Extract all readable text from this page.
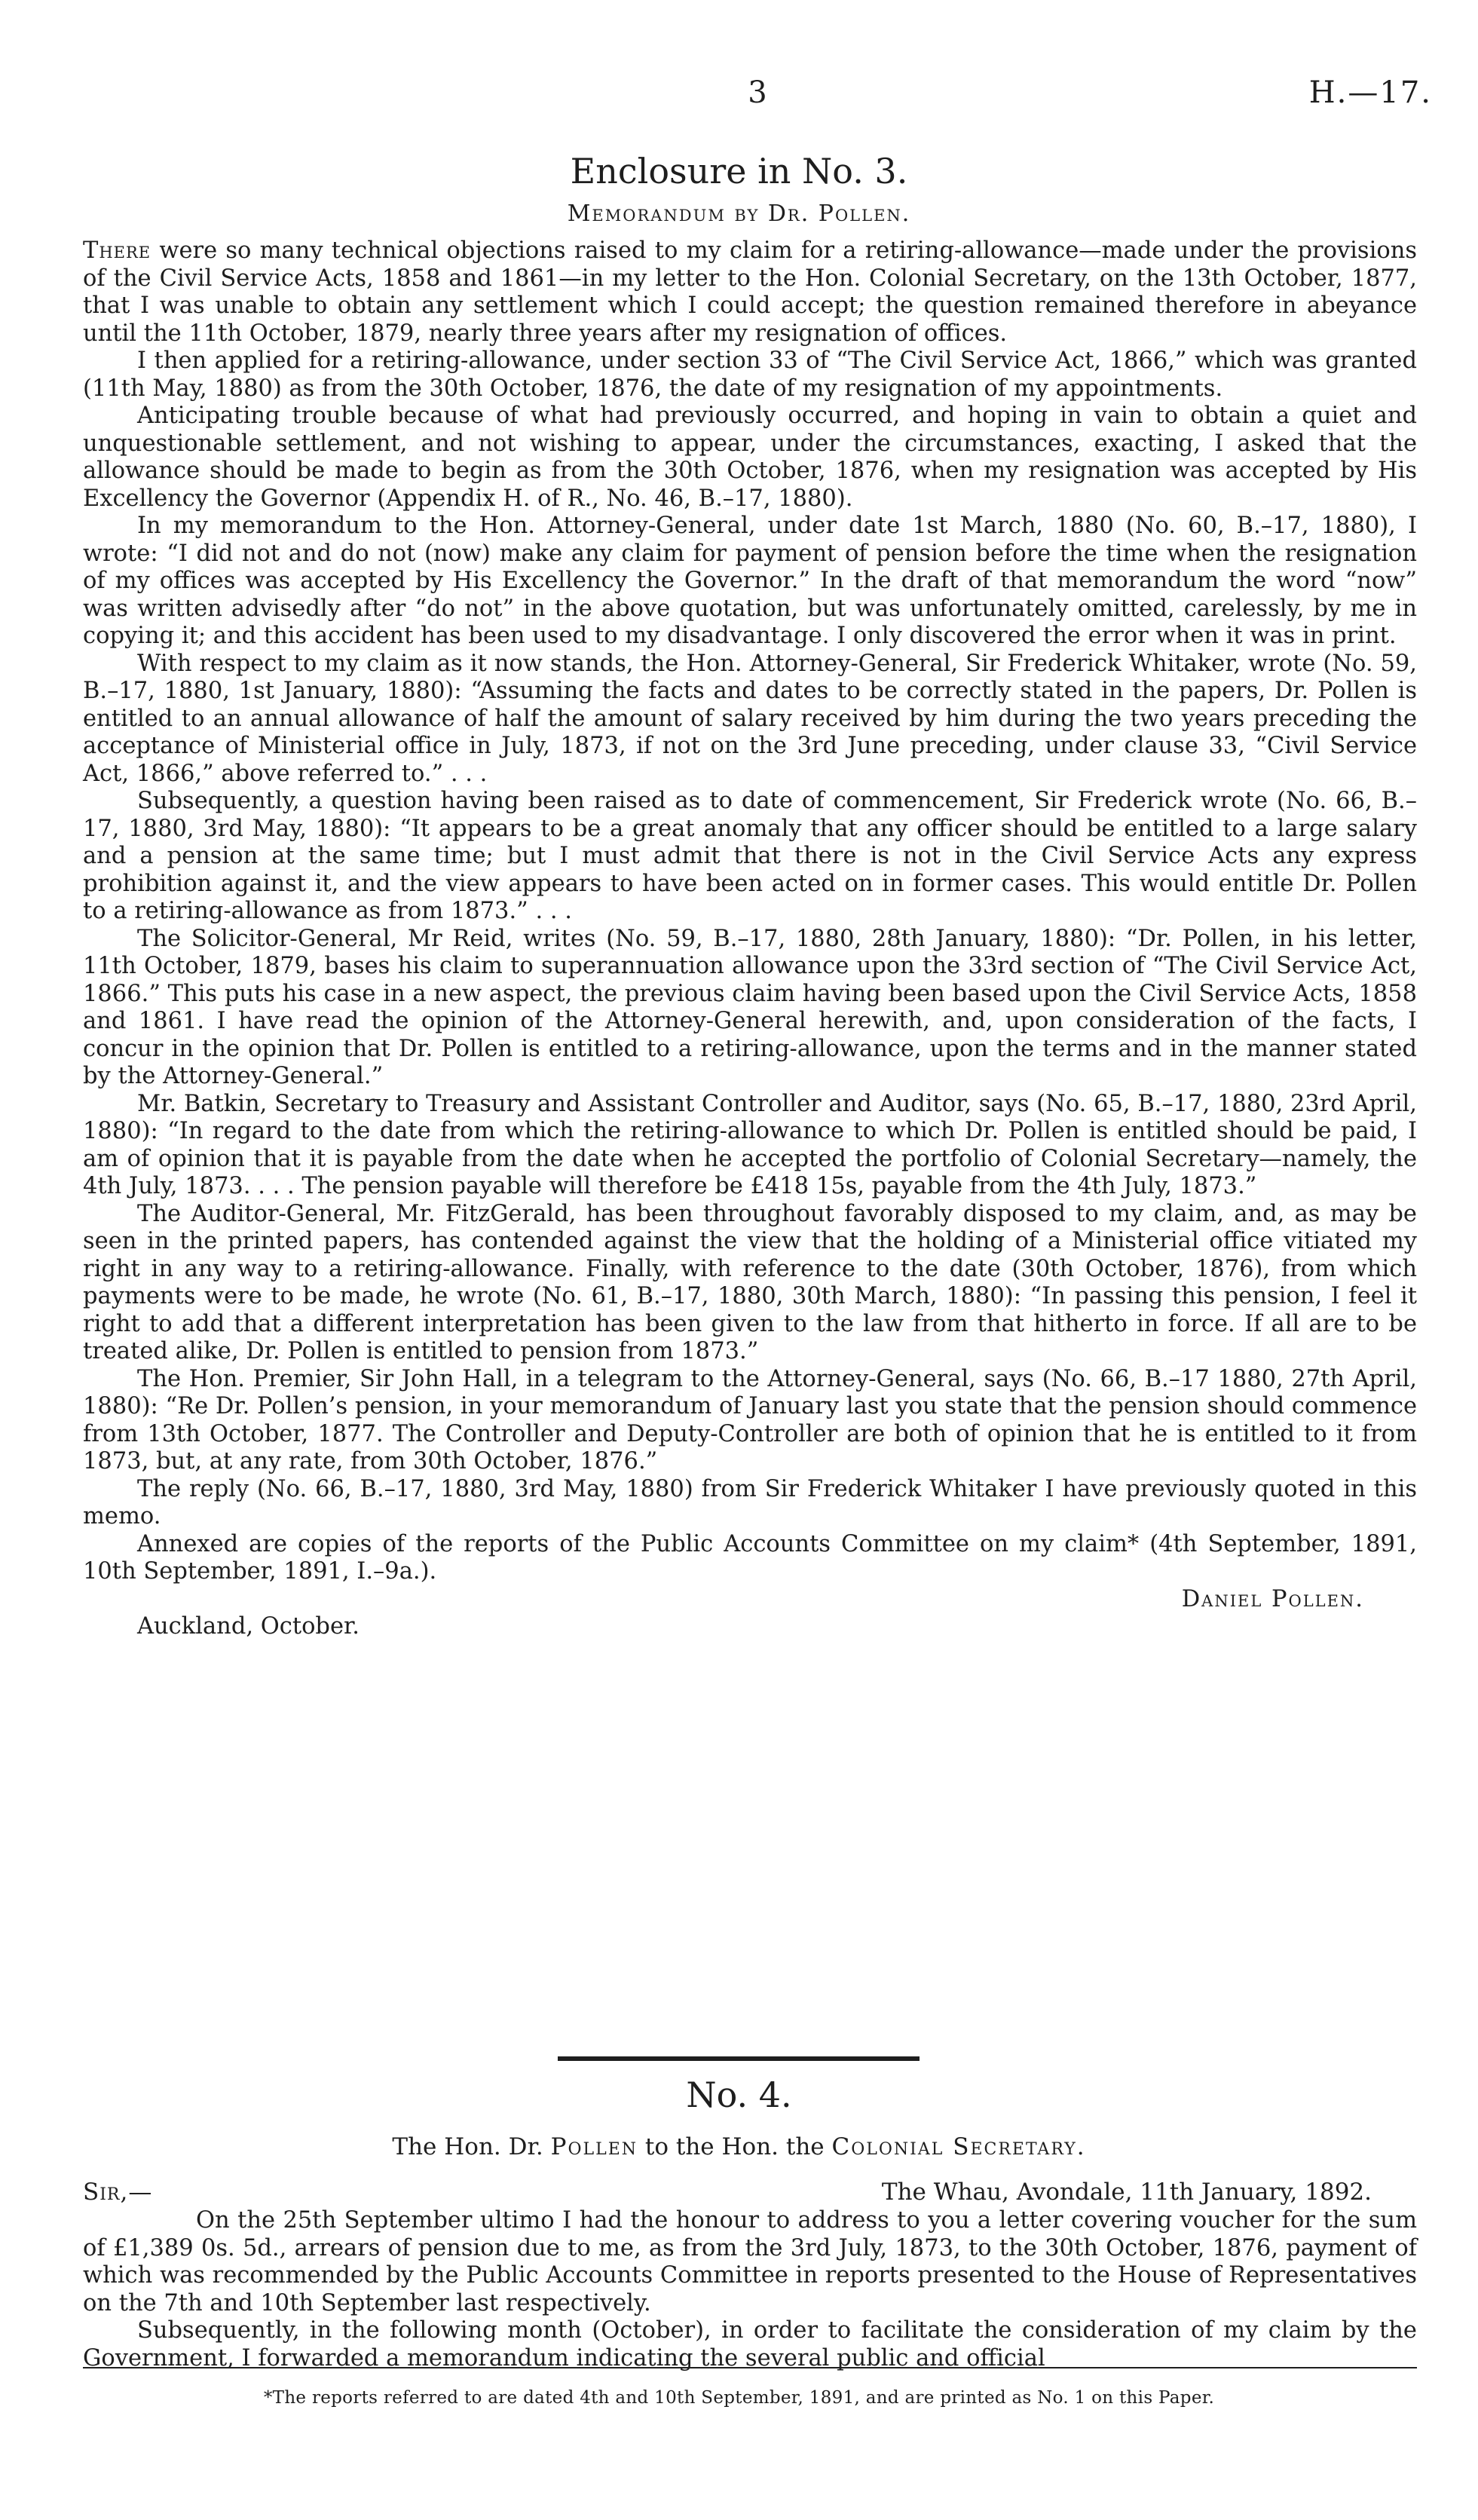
3	H.—17.
Enclosure in No. 3.
Memorandum by Dr. Pollen.

There were so many technical objections raised to my claim for a retiring-allowance—made under the provisions of the Civil Service Acts, 1858 and 1861—in my letter to the Hon. Colonial Secretary, on the 13th October, 1877, that I was unable to obtain any settlement which I could accept; the question remained therefore in abeyance until the 11th October, 1879, nearly three years after my resignation of offices.

I then applied for a retiring-allowance, under section 33 of “The Civil Service Act, 1866,” which was granted (11th May, 1880) as from the 30th October, 1876, the date of my resignation of my appointments.

Anticipating trouble because of what had previously occurred, and hoping in vain to obtain a quiet and unquestionable settlement, and not wishing to appear, under the circumstances, exacting, I asked that the allowance should be made to begin as from the 30th October, 1876, when my resignation was accepted by His Excellency the Governor (Appendix H. of R., No. 46, B.–17, 1880).

In my memorandum to the Hon. Attorney-General, under date 1st March, 1880 (No. 60, B.–17, 1880), I wrote: “I did not and do not (now) make any claim for payment of pension before the time when the resignation of my offices was accepted by His Excellency the Governor.” In the draft of that memorandum the word “now” was written advisedly after “do not” in the above quotation, but was unfortunately omitted, carelessly, by me in copying it; and this accident has been used to my disadvantage. I only discovered the error when it was in print.

With respect to my claim as it now stands, the Hon. Attorney-General, Sir Frederick Whitaker, wrote (No. 59, B.–17, 1880, 1st January, 1880): “Assuming the facts and dates to be correctly stated in the papers, Dr. Pollen is entitled to an annual allowance of half the amount of salary received by him during the two years preceding the acceptance of Ministerial office in July, 1873, if not on the 3rd June preceding, under clause 33, “Civil Service Act, 1866,” above referred to.” . . .

Subsequently, a question having been raised as to date of commencement, Sir Frederick wrote (No. 66, B.–17, 1880, 3rd May, 1880): “It appears to be a great anomaly that any officer should be entitled to a large salary and a pension at the same time; but I must admit that there is not in the Civil Service Acts any express prohibition against it, and the view appears to have been acted on in former cases. This would entitle Dr. Pollen to a retiring-allowance as from 1873.” . . .

The Solicitor-General, Mr Reid, writes (No. 59, B.–17, 1880, 28th January, 1880): “Dr. Pollen, in his letter, 11th October, 1879, bases his claim to superannuation allowance upon the 33rd section of “The Civil Service Act, 1866.” This puts his case in a new aspect, the previous claim having been based upon the Civil Service Acts, 1858 and 1861. I have read the opinion of the Attorney-General herewith, and, upon consideration of the facts, I concur in the opinion that Dr. Pollen is entitled to a retiring-allowance, upon the terms and in the manner stated by the Attorney-General.”

Mr. Batkin, Secretary to Treasury and Assistant Controller and Auditor, says (No. 65, B.–17, 1880, 23rd April, 1880): “In regard to the date from which the retiring-allowance to which Dr. Pollen is entitled should be paid, I am of opinion that it is payable from the date when he accepted the portfolio of Colonial Secretary—namely, the 4th July, 1873. . . . The pension payable will therefore be £418 15s, payable from the 4th July, 1873.”

The Auditor-General, Mr. FitzGerald, has been throughout favorably disposed to my claim, and, as may be seen in the printed papers, has contended against the view that the holding of a Ministerial office vitiated my right in any way to a retiring-allowance. Finally, with reference to the date (30th October, 1876), from which payments were to be made, he wrote (No. 61, B.–17, 1880, 30th March, 1880): “In passing this pension, I feel it right to add that a different interpretation has been given to the law from that hitherto in force. If all are to be treated alike, Dr. Pollen is entitled to pension from 1873.”

The Hon. Premier, Sir John Hall, in a telegram to the Attorney-General, says (No. 66, B.–17 1880, 27th April, 1880): “Re Dr. Pollen’s pension, in your memorandum of January last you state that the pension should commence from 13th October, 1877. The Controller and Deputy-Controller are both of opinion that he is entitled to it from 1873, but, at any rate, from 30th October, 1876.”

The reply (No. 66, B.–17, 1880, 3rd May, 1880) from Sir Frederick Whitaker I have previously quoted in this memo.

Annexed are copies of the reports of the Public Accounts Committee on my claim* (4th September, 1891, 10th September, 1891, I.–9a.).

Daniel Pollen.

Auckland, October.

No. 4.
The Hon. Dr. Pollen to the Hon. the Colonial Secretary.
Sir,—	The Whau, Avondale, 11th January, 1892.

On the 25th September ultimo I had the honour to address to you a letter covering voucher for the sum of £1,389 0s. 5d., arrears of pension due to me, as from the 3rd July, 1873, to the 30th October, 1876, payment of which was recommended by the Public Accounts Committee in reports presented to the House of Representatives on the 7th and 10th September last respectively.

Subsequently, in the following month (October), in order to facilitate the consideration of my claim by the Government, I forwarded a memorandum indicating the several public and official

*The reports referred to are dated 4th and 10th September, 1891, and are printed as No. 1 on this Paper.
